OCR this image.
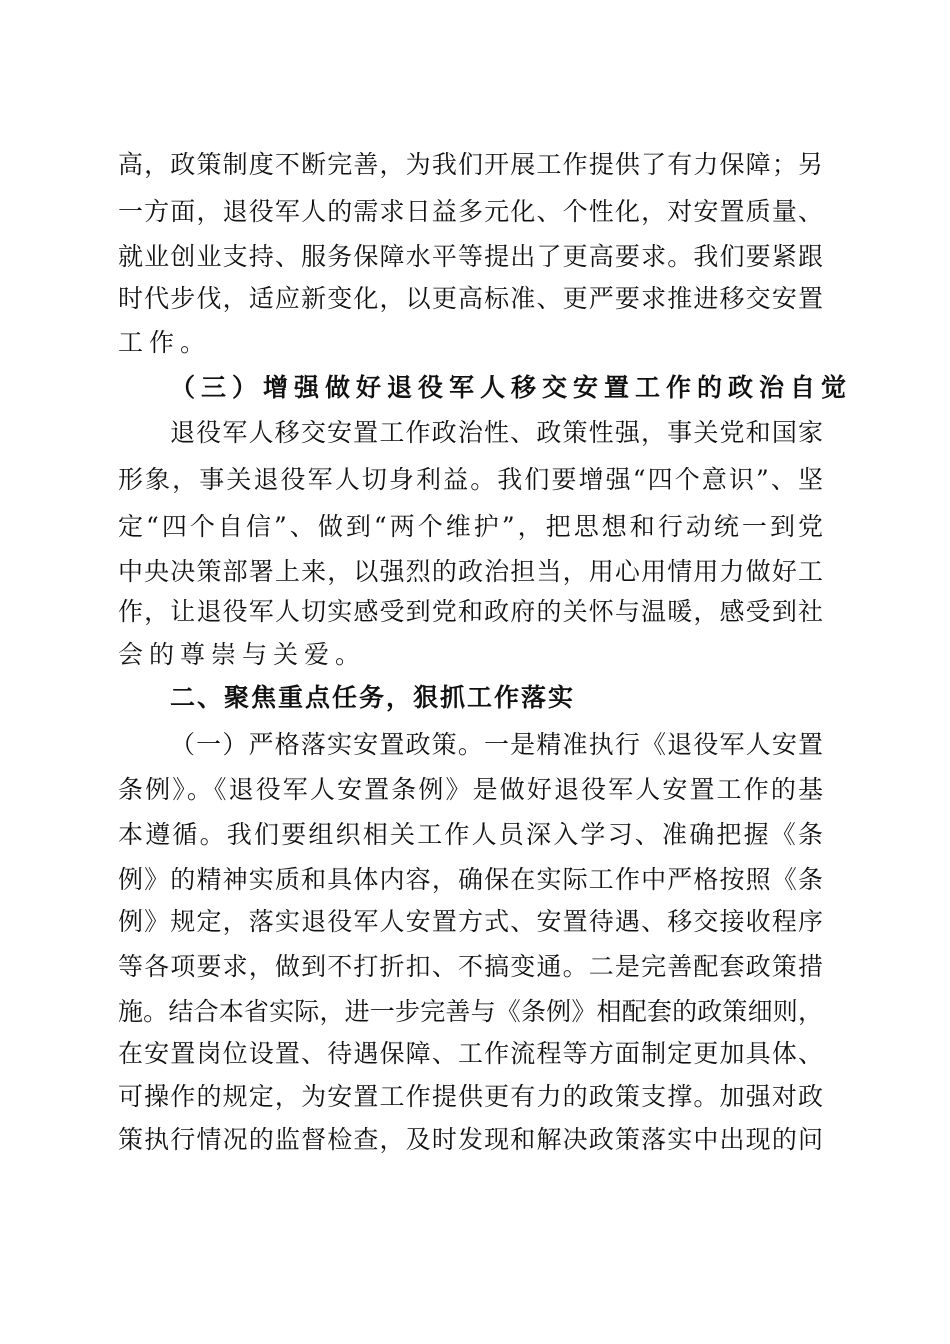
高，政策制度不断完善，为我们开展工作提供了有力保障；另
一方面，退役军人的需求日益多元化、个性化，对安置质量、
就业创业支持、服务保障水平等提出了更高要求。我们要紧跟
时代步伐，适应新变化，以更高标准、更严要求推进移交安置
工作。
（三）增强做好退役军人移交安置工作的政治自觉
退役军人移交安置工作政治性、政策性强，事关党和国家
形象，事关退役军人切身利益。我们要增强“四个意识”、坚
定“四个自信”、做到“两个维护”，把思想和行动统一到党
中央决策部署上来，以强烈的政治担当，用心用情用力做好工
作，让退役军人切实感受到党和政府的关怀与温暖，感受到社
会的尊崇与关爱。
二、聚焦重点任务，狠抓工作落实
（一）严格落实安置政策。一是精准执行《退役军人安置
条例》。《退役军人安置条例》是做好退役军人安置工作的基
本遵循。我们要组织相关工作人员深入学习、准确把握《条
例》的精神实质和具体内容，确保在实际工作中严格按照《条
例》规定，落实退役军人安置方式、安置待遇、移交接收程序
等各项要求，做到不打折扣、不搞变通。二是完善配套政策措
施。结合本省实际，进一步完善与《条例》相配套的政策细则，
在安置岗位设置、待遇保障、工作流程等方面制定更加具体、
可操作的规定，为安置工作提供更有力的政策支撑。加强对政
策执行情况的监督检查，及时发现和解决政策落实中出现的问
